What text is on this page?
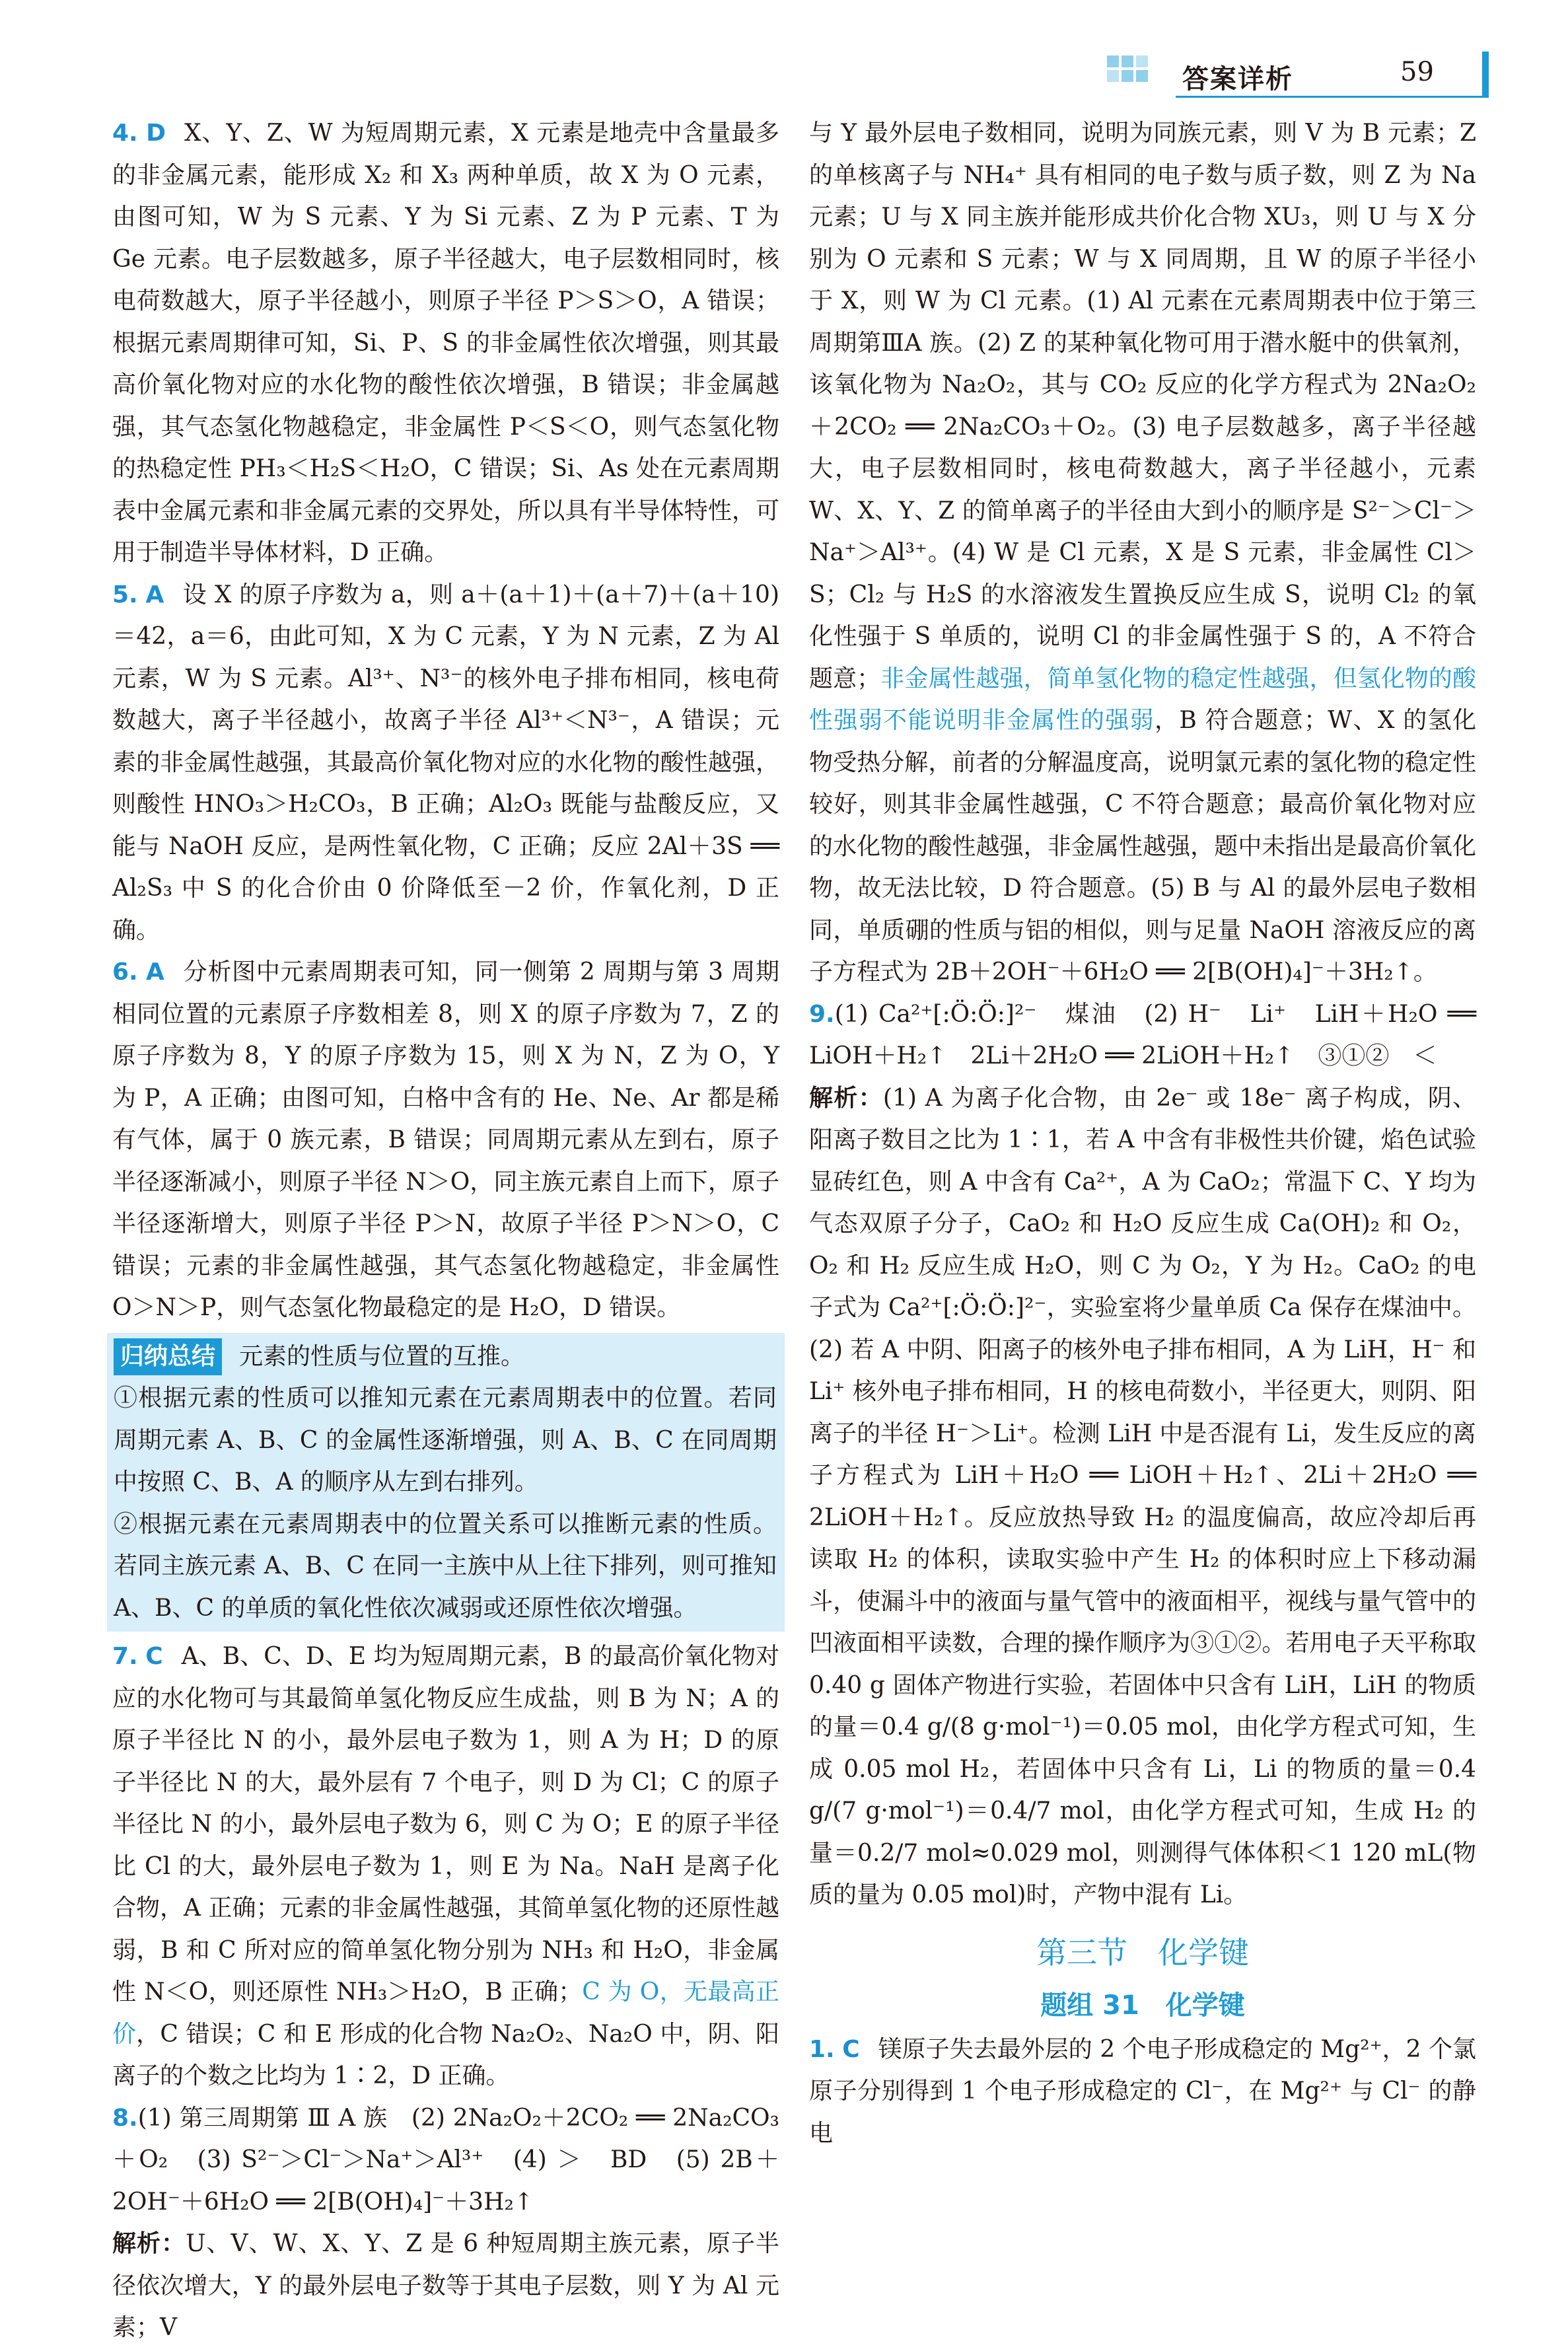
答案详析	59

4. D X、Y、Z、W 为短周期元素，X 元素是地壳中含量最多的非金属元素，能形成 X₂ 和 X₃ 两种单质，故 X 为 O 元素，由图可知，W 为 S 元素、Y 为 Si 元素、Z 为 P 元素、T 为 Ge 元素。电子层数越多，原子半径越大，电子层数相同时，核电荷数越大，原子半径越小，则原子半径 P＞S＞O，A 错误；根据元素周期律可知，Si、P、S 的非金属性依次增强，则其最高价氧化物对应的水化物的酸性依次增强，B 错误；非金属越强，其气态氢化物越稳定，非金属性 P＜S＜O，则气态氢化物的热稳定性 PH₃＜H₂S＜H₂O，C 错误；Si、As 处在元素周期表中金属元素和非金属元素的交界处，所以具有半导体特性，可用于制造半导体材料，D 正确。

5. A 设 X 的原子序数为 a，则 a＋(a＋1)＋(a＋7)＋(a＋10)＝42，a＝6，由此可知，X 为 C 元素，Y 为 N 元素，Z 为 Al 元素，W 为 S 元素。Al³⁺、N³⁻的核外电子排布相同，核电荷数越大，离子半径越小，故离子半径 Al³⁺＜N³⁻，A 错误；元素的非金属性越强，其最高价氧化物对应的水化物的酸性越强，则酸性 HNO₃＞H₂CO₃，B 正确；Al₂O₃ 既能与盐酸反应，又能与 NaOH 反应，是两性氧化物，C 正确；反应 2Al＋3S ══ Al₂S₃ 中 S 的化合价由 0 价降低至－2 价，作氧化剂，D 正确。

6. A 分析图中元素周期表可知，同一侧第 2 周期与第 3 周期相同位置的元素原子序数相差 8，则 X 的原子序数为 7，Z 的原子序数为 8，Y 的原子序数为 15，则 X 为 N，Z 为 O，Y 为 P，A 正确；由图可知，白格中含有的 He、Ne、Ar 都是稀有气体，属于 0 族元素，B 错误；同周期元素从左到右，原子半径逐渐减小，则原子半径 N＞O，同主族元素自上而下，原子半径逐渐增大，则原子半径 P＞N，故原子半径 P＞N＞O，C 错误；元素的非金属性越强，其气态氢化物越稳定，非金属性 O＞N＞P，则气态氢化物最稳定的是 H₂O，D 错误。

归纳总结 元素的性质与位置的互推。
①根据元素的性质可以推知元素在元素周期表中的位置。若同周期元素 A、B、C 的金属性逐渐增强，则 A、B、C 在同周期中按照 C、B、A 的顺序从左到右排列。
②根据元素在元素周期表中的位置关系可以推断元素的性质。若同主族元素 A、B、C 在同一主族中从上往下排列，则可推知 A、B、C 的单质的氧化性依次减弱或还原性依次增强。

7. C A、B、C、D、E 均为短周期元素，B 的最高价氧化物对应的水化物可与其最简单氢化物反应生成盐，则 B 为 N；A 的原子半径比 N 的小，最外层电子数为 1，则 A 为 H；D 的原子半径比 N 的大，最外层有 7 个电子，则 D 为 Cl；C 的原子半径比 N 的小，最外层电子数为 6，则 C 为 O；E 的原子半径比 Cl 的大，最外层电子数为 1，则 E 为 Na。NaH 是离子化合物，A 正确；元素的非金属性越强，其简单氢化物的还原性越弱，B 和 C 所对应的简单氢化物分别为 NH₃ 和 H₂O，非金属性 N＜O，则还原性 NH₃＞H₂O，B 正确；C 为 O，无最高正价，C 错误；C 和 E 形成的化合物 Na₂O₂、Na₂O 中，阴、阳离子的个数之比均为 1∶2，D 正确。

8.(1) 第三周期第 Ⅲ A 族　(2) 2Na₂O₂＋2CO₂ ══ 2Na₂CO₃＋O₂　(3) S²⁻＞Cl⁻＞Na⁺＞Al³⁺　(4) ＞　BD　(5) 2B＋2OH⁻＋6H₂O ══ 2[B(OH)₄]⁻＋3H₂↑

解析：U、V、W、X、Y、Z 是 6 种短周期主族元素，原子半径依次增大，Y 的最外层电子数等于其电子层数，则 Y 为 Al 元素；V

与 Y 最外层电子数相同，说明为同族元素，则 V 为 B 元素；Z 的单核离子与 NH₄⁺ 具有相同的电子数与质子数，则 Z 为 Na 元素；U 与 X 同主族并能形成共价化合物 XU₃，则 U 与 X 分别为 O 元素和 S 元素；W 与 X 同周期，且 W 的原子半径小于 X，则 W 为 Cl 元素。(1) Al 元素在元素周期表中位于第三周期第ⅢA 族。(2) Z 的某种氧化物可用于潜水艇中的供氧剂，该氧化物为 Na₂O₂，其与 CO₂ 反应的化学方程式为 2Na₂O₂＋2CO₂ ══ 2Na₂CO₃＋O₂。(3) 电子层数越多，离子半径越大，电子层数相同时，核电荷数越大，离子半径越小，元素 W、X、Y、Z 的简单离子的半径由大到小的顺序是 S²⁻＞Cl⁻＞Na⁺＞Al³⁺。(4) W 是 Cl 元素，X 是 S 元素，非金属性 Cl＞S；Cl₂ 与 H₂S 的水溶液发生置换反应生成 S，说明 Cl₂ 的氧化性强于 S 单质的，说明 Cl 的非金属性强于 S 的，A 不符合题意；非金属性越强，简单氢化物的稳定性越强，但氢化物的酸性强弱不能说明非金属性的强弱，B 符合题意；W、X 的氢化物受热分解，前者的分解温度高，说明氯元素的氢化物的稳定性较好，则其非金属性越强，C 不符合题意；最高价氧化物对应的水化物的酸性越强，非金属性越强，题中未指出是最高价氧化物，故无法比较，D 符合题意。(5) B 与 Al 的最外层电子数相同，单质硼的性质与铝的相似，则与足量 NaOH 溶液反应的离子方程式为 2B＋2OH⁻＋6H₂O ══ 2[B(OH)₄]⁻＋3H₂↑。

9.(1) Ca²⁺[:Ö:Ö:]²⁻　煤油　(2) H⁻　Li⁺　LiH＋H₂O ══ LiOH＋H₂↑　2Li＋2H₂O ══ 2LiOH＋H₂↑　③①②　＜

解析：(1) A 为离子化合物，由 2e⁻ 或 18e⁻ 离子构成，阴、阳离子数目之比为 1∶1，若 A 中含有非极性共价键，焰色试验显砖红色，则 A 中含有 Ca²⁺，A 为 CaO₂；常温下 C、Y 均为气态双原子分子，CaO₂ 和 H₂O 反应生成 Ca(OH)₂ 和 O₂，O₂ 和 H₂ 反应生成 H₂O，则 C 为 O₂，Y 为 H₂。CaO₂ 的电子式为 Ca²⁺[:Ö:Ö:]²⁻，实验室将少量单质 Ca 保存在煤油中。(2) 若 A 中阴、阳离子的核外电子排布相同，A 为 LiH，H⁻ 和 Li⁺ 核外电子排布相同，H 的核电荷数小，半径更大，则阴、阳离子的半径 H⁻＞Li⁺。检测 LiH 中是否混有 Li，发生反应的离子方程式为 LiH＋H₂O ══ LiOH＋H₂↑、2Li＋2H₂O ══ 2LiOH＋H₂↑。反应放热导致 H₂ 的温度偏高，故应冷却后再读取 H₂ 的体积，读取实验中产生 H₂ 的体积时应上下移动漏斗，使漏斗中的液面与量气管中的液面相平，视线与量气管中的凹液面相平读数，合理的操作顺序为③①②。若用电子天平称取 0.40 g 固体产物进行实验，若固体中只含有 LiH，LiH 的物质的量＝0.4 g/(8 g·mol⁻¹)＝0.05 mol，由化学方程式可知，生成 0.05 mol H₂，若固体中只含有 Li，Li 的物质的量＝0.4 g/(7 g·mol⁻¹)＝0.4/7 mol，由化学方程式可知，生成 H₂ 的量＝0.2/7 mol≈0.029 mol，则测得气体体积＜1 120 mL(物质的量为 0.05 mol)时，产物中混有 Li。

第三节　化学键
题组 31　化学键

1. C 镁原子失去最外层的 2 个电子形成稳定的 Mg²⁺，2 个氯原子分别得到 1 个电子形成稳定的 Cl⁻，在 Mg²⁺ 与 Cl⁻ 的静电
